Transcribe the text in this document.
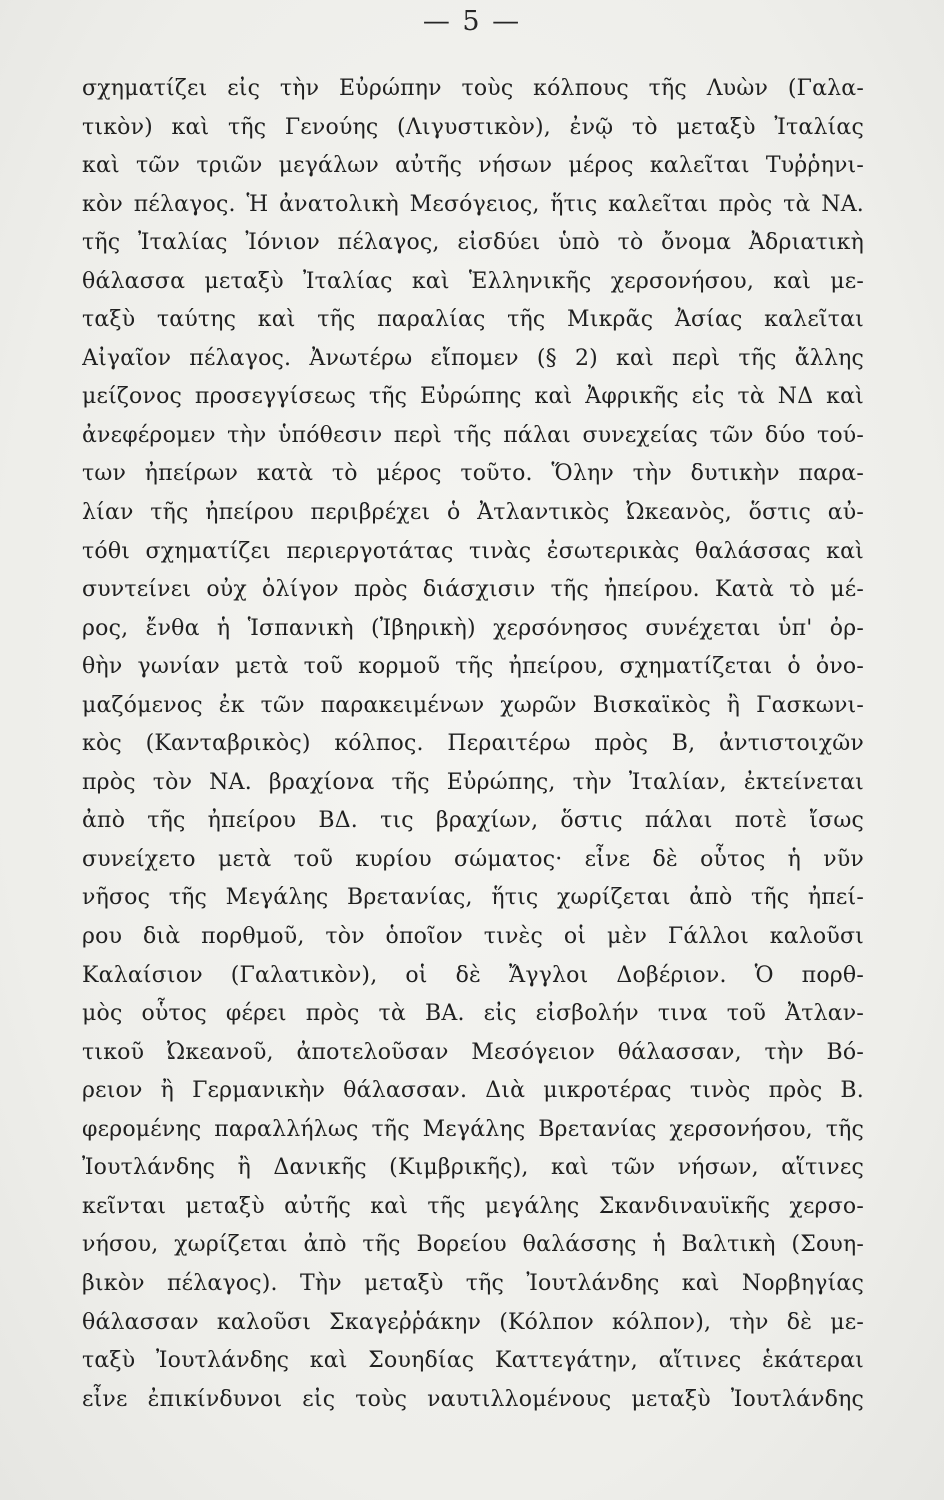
— 5 —
σχηματίζει εἰς τὴν Εὐρώπην τοὺς κόλπους τῆς Λυὼν (Γαλα-
τικὸν) καὶ τῆς Γενούης (Λιγυστικὸν), ἐνῷ τὸ μεταξὺ Ἰταλίας
καὶ τῶν τριῶν μεγάλων αὐτῆς νήσων μέρος καλεῖται Τυῤῥηνι-
κὸν πέλαγος. Ἡ ἀνατολικὴ Μεσόγειος, ἥτις καλεῖται πρὸς τὰ ΝΑ.
τῆς Ἰταλίας Ἰόνιον πέλαγος, εἰσδύει ὑπὸ τὸ ὄνομα Ἀδριατικὴ
θάλασσα μεταξὺ Ἰταλίας καὶ Ἑλληνικῆς χερσονήσου, καὶ με-
ταξὺ ταύτης καὶ τῆς παραλίας τῆς Μικρᾶς Ἀσίας καλεῖται
Αἰγαῖον πέλαγος. Ἀνωτέρω εἴπομεν (§ 2) καὶ περὶ τῆς ἄλλης
μείζονος προσεγγίσεως τῆς Εὐρώπης καὶ Ἀφρικῆς εἰς τὰ ΝΔ καὶ
ἀνεφέρομεν τὴν ὑπόθεσιν περὶ τῆς πάλαι συνεχείας τῶν δύο τού-
των ἠπείρων κατὰ τὸ μέρος τοῦτο. Ὅλην τὴν δυτικὴν παρα-
λίαν τῆς ἠπείρου περιβρέχει ὁ Ἀτλαντικὸς Ὠκεανὸς, ὅστις αὐ-
τόθι σχηματίζει περιεργοτάτας τινὰς ἐσωτερικὰς θαλάσσας καὶ
συντείνει οὐχ ὀλίγον πρὸς διάσχισιν τῆς ἠπείρου. Κατὰ τὸ μέ-
ρος, ἔνθα ἡ Ἱσπανικὴ (Ἰβηρικὴ) χερσόνησος συνέχεται ὑπ' ὀρ-
θὴν γωνίαν μετὰ τοῦ κορμοῦ τῆς ἠπείρου, σχηματίζεται ὁ ὀνο-
μαζόμενος ἐκ τῶν παρακειμένων χωρῶν Βισκαϊκὸς ἢ Γασκωνι-
κὸς (Κανταβρικὸς) κόλπος. Περαιτέρω πρὸς Β, ἀντιστοιχῶν
πρὸς τὸν ΝΑ. βραχίονα τῆς Εὐρώπης, τὴν Ἰταλίαν, ἐκτείνεται
ἀπὸ τῆς ἠπείρου ΒΔ. τις βραχίων, ὅστις πάλαι ποτὲ ἴσως
συνείχετο μετὰ τοῦ κυρίου σώματος· εἶνε δὲ οὗτος ἡ νῦν
νῆσος τῆς Μεγάλης Βρετανίας, ἥτις χωρίζεται ἀπὸ τῆς ἠπεί-
ρου διὰ πορθμοῦ, τὸν ὁποῖον τινὲς οἱ μὲν Γάλλοι καλοῦσι
Καλαίσιον (Γαλατικὸν), οἱ δὲ Ἄγγλοι Δοβέριον. Ὁ πορθ-
μὸς οὗτος φέρει πρὸς τὰ ΒΑ. εἰς εἰσβολήν τινα τοῦ Ἀτλαν-
τικοῦ Ὠκεανοῦ, ἀποτελοῦσαν Μεσόγειον θάλασσαν, τὴν Βό-
ρειον ἢ Γερμανικὴν θάλασσαν. Διὰ μικροτέρας τινὸς πρὸς Β.
φερομένης παραλλήλως τῆς Μεγάλης Βρετανίας χερσονήσου, τῆς
Ἰουτλάνδης ἢ Δανικῆς (Κιμβρικῆς), καὶ τῶν νήσων, αἵτινες
κεῖνται μεταξὺ αὐτῆς καὶ τῆς μεγάλης Σκανδιναυϊκῆς χερσο-
νήσου, χωρίζεται ἀπὸ τῆς Βορείου θαλάσσης ἡ Βαλτικὴ (Σουη-
βικὸν πέλαγος). Τὴν μεταξὺ τῆς Ἰουτλάνδης καὶ Νορβηγίας
θάλασσαν καλοῦσι Σκαγεῤῥάκην (Κόλπον κόλπον), τὴν δὲ με-
ταξὺ Ἰουτλάνδης καὶ Σουηδίας Καττεγάτην, αἵτινες ἑκάτεραι
εἶνε ἐπικίνδυνοι εἰς τοὺς ναυτιλλομένους μεταξὺ Ἰουτλάνδης
